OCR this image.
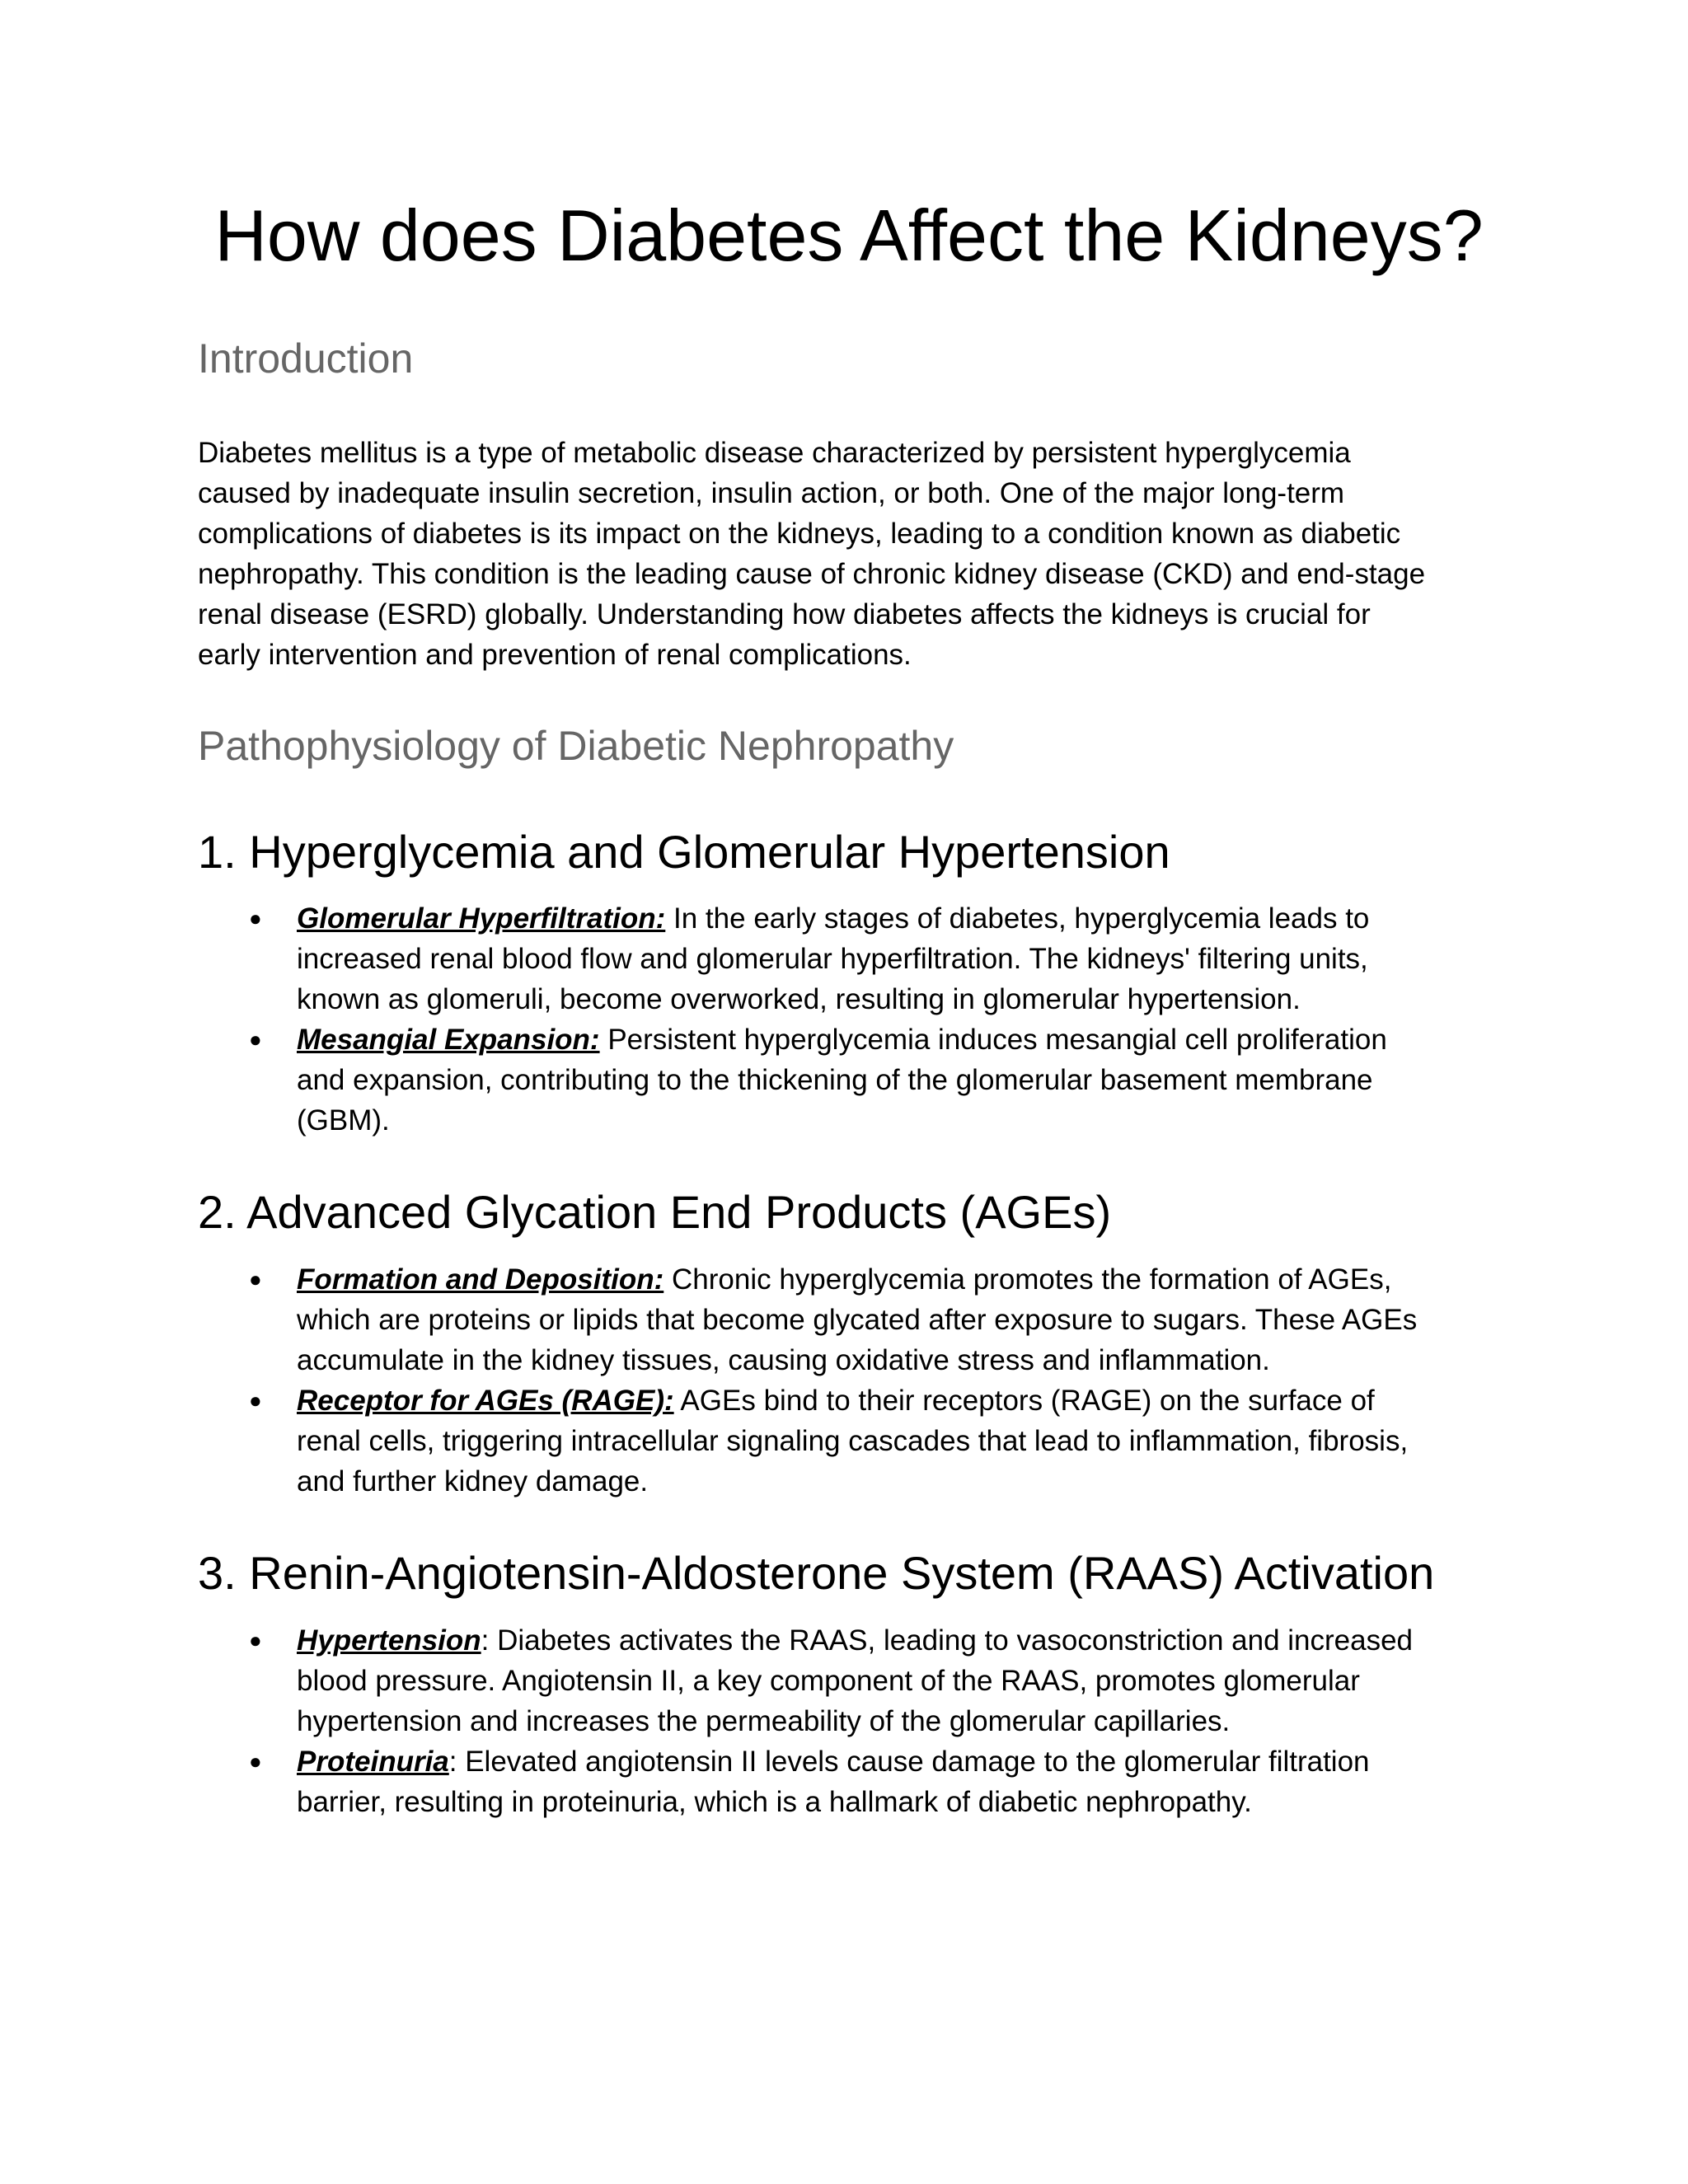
How does Diabetes Affect the Kidneys?
Introduction

Diabetes mellitus is a type of metabolic disease characterized by persistent hyperglycemia
caused by inadequate insulin secretion, insulin action, or both. One of the major long-term
complications of diabetes is its impact on the kidneys, leading to a condition known as diabetic
nephropathy. This condition is the leading cause of chronic kidney disease (CKD) and end-stage
renal disease (ESRD) globally. Understanding how diabetes affects the kidneys is crucial for
early intervention and prevention of renal complications.

Pathophysiology of Diabetic Nephropathy
1. Hyperglycemia and Glomerular Hypertension
● Glomerular Hyperfiltration: In the early stages of diabetes, hyperglycemia leads to
increased renal blood flow and glomerular hyperfiltration. The kidneys' filtering units,
known as glomeruli, become overworked, resulting in glomerular hypertension.
● Mesangial Expansion: Persistent hyperglycemia induces mesangial cell proliferation
and expansion, contributing to the thickening of the glomerular basement membrane
(GBM).
2. Advanced Glycation End Products (AGEs)
● Formation and Deposition: Chronic hyperglycemia promotes the formation of AGEs,
which are proteins or lipids that become glycated after exposure to sugars. These AGEs
accumulate in the kidney tissues, causing oxidative stress and inflammation.
● Receptor for AGEs (RAGE): AGEs bind to their receptors (RAGE) on the surface of
renal cells, triggering intracellular signaling cascades that lead to inflammation, fibrosis,
and further kidney damage.
3. Renin-Angiotensin-Aldosterone System (RAAS) Activation
● Hypertension: Diabetes activates the RAAS, leading to vasoconstriction and increased
blood pressure. Angiotensin II, a key component of the RAAS, promotes glomerular
hypertension and increases the permeability of the glomerular capillaries.
● Proteinuria: Elevated angiotensin II levels cause damage to the glomerular filtration
barrier, resulting in proteinuria, which is a hallmark of diabetic nephropathy.
